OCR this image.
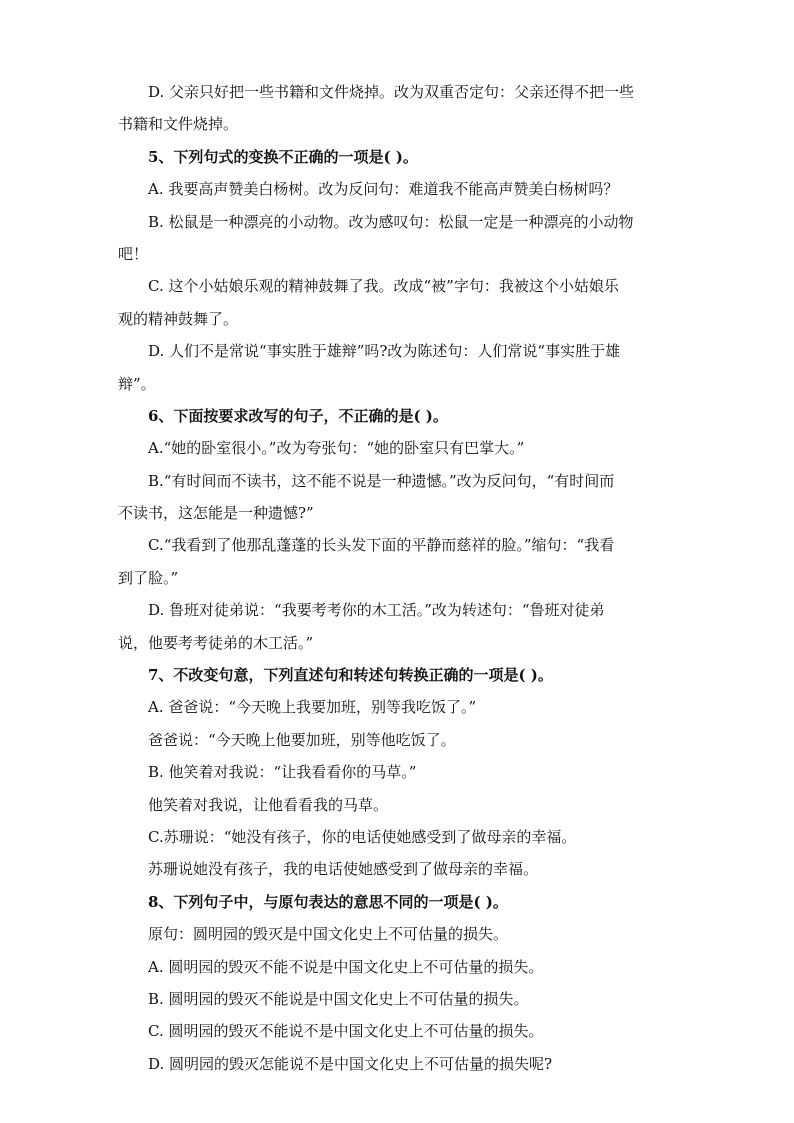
D. 父亲只好把一些书籍和文件烧掉。改为双重否定句：父亲还得不把一些
书籍和文件烧掉。
5、下列句式的变换不正确的一项是( )。
A. 我要高声赞美白杨树。改为反问句：难道我不能高声赞美白杨树吗？
B. 松鼠是一种漂亮的小动物。改为感叹句：松鼠一定是一种漂亮的小动物
吧！
C. 这个小姑娘乐观的精神鼓舞了我。改成“被”字句：我被这个小姑娘乐
观的精神鼓舞了。
D. 人们不是常说“事实胜于雄辩”吗?改为陈述句：人们常说“事实胜于雄
辩”。
6、下面按要求改写的句子，不正确的是( )。
A.“她的卧室很小。”改为夸张句：“她的卧室只有巴掌大。”
B.“有时间而不读书，这不能不说是一种遗憾。”改为反问句，“有时间而
不读书，这怎能是一种遗憾?”
C.“我看到了他那乱蓬蓬的长头发下面的平静而慈祥的脸。”缩句：“我看
到了脸。”
D. 鲁班对徒弟说：“我要考考你的木工活。”改为转述句：“鲁班对徒弟
说，他要考考徒弟的木工活。”
7、不改变句意，下列直述句和转述句转换正确的一项是( )。
A. 爸爸说：“今天晚上我要加班，别等我吃饭了。”
爸爸说：“今天晚上他要加班，别等他吃饭了。
B. 他笑着对我说：“让我看看你的马草。”
他笑着对我说，让他看看我的马草。
C.苏珊说：“她没有孩子，你的电话使她感受到了做母亲的幸福。
苏珊说她没有孩子，我的电话使她感受到了做母亲的幸福。
8、下列句子中，与原句表达的意思不同的一项是( )。
原句：圆明园的毁灭是中国文化史上不可估量的损失。
A. 圆明园的毁灭不能不说是中国文化史上不可估量的损失。
B. 圆明园的毁灭不能说是中国文化史上不可估量的损失。
C. 圆明园的毁灭不能说不是中国文化史上不可估量的损失。
D. 圆明园的毁灭怎能说不是中国文化史上不可估量的损失呢?
